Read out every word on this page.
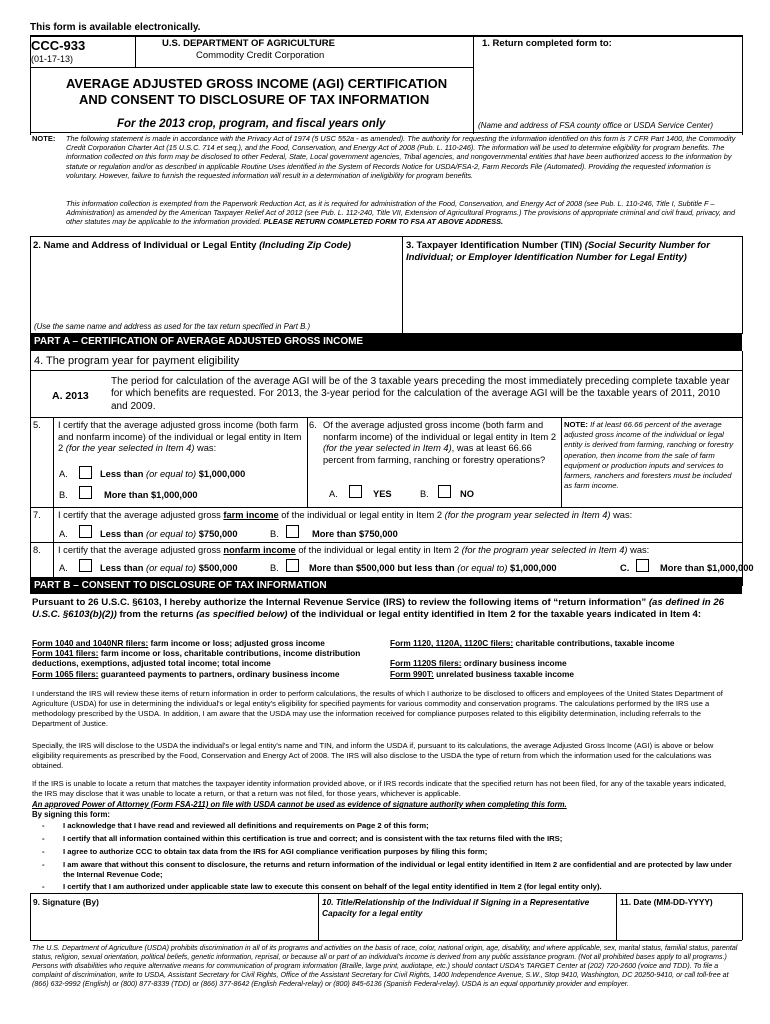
This form is available electronically.
CCC-933
(01-17-13)
U.S. DEPARTMENT OF AGRICULTURE
Commodity Credit Corporation
1. Return completed form to:
AVERAGE ADJUSTED GROSS INCOME (AGI) CERTIFICATION
AND CONSENT TO DISCLOSURE OF TAX INFORMATION
For the 2013 crop, program, and fiscal years only	(Name and address of FSA county office or USDA Service Center)
NOTE: The following statement is made in accordance with the Privacy Act of 1974 (5 USC 552a - as amended). The authority for requesting the information identified on this form is 7 CFR Part 1400, the Commodity Credit Corporation Charter Act (15 U.S.C. 714 et seq.), and the Food, Conservation, and Energy Act of 2008 (Pub. L. 110-246). The information will be used to determine eligibility for program benefits. The information collected on this form may be disclosed to other Federal, State, Local government agencies, Tribal agencies, and nongovernmental entities that have been authorized access to the information by statute or regulation and/or as described in applicable Routine Uses identified in the System of Records Notice for USDA/FSA-2, Farm Records File (Automated). Providing the requested information is voluntary. However, failure to furnish the requested information will result in a determination of ineligibility for program benefits.
This information collection is exempted from the Paperwork Reduction Act, as it is required for administration of the Food, Conservation, and Energy Act of 2008 (see Pub. L. 110-246, Title I, Subtitle F – Administration) as amended by the American Taxpayer Relief Act of 2012 (see Pub. L. 112-240, Title VII, Extension of Agricultural Programs.) The provisions of appropriate criminal and civil fraud, privacy, and other statutes may be applicable to the information provided. PLEASE RETURN COMPLETED FORM TO FSA AT ABOVE ADDRESS.
2. Name and Address of Individual or Legal Entity (Including Zip Code)
(Use the same name and address as used for the tax return specified in Part B.)
3. Taxpayer Identification Number (TIN) (Social Security Number for Individual; or Employer Identification Number for Legal Entity)
PART A – CERTIFICATION OF AVERAGE ADJUSTED GROSS INCOME
4. The program year for payment eligibility
A. 2013
The period for calculation of the average AGI will be of the 3 taxable years preceding the most immediately preceding complete taxable year for which benefits are requested. For 2013, the 3-year period for the calculation of the average AGI will be the taxable years of 2011, 2010 and 2009.
5. I certify that the average adjusted gross income (both farm and nonfarm income) of the individual or legal entity in Item 2 (for the year selected in Item 4) was:
A.	Less than (or equal to) $1,000,000
B.	More than $1,000,000
6. Of the average adjusted gross income (both farm and nonfarm income) of the individual or legal entity in Item 2 (for the year selected in Item 4), was at least 66.66 percent from farming, ranching or forestry operations?
A.	YES	B.	NO
NOTE: If at least 66.66 percent of the average adjusted gross income of the individual or legal entity is derived from farming, ranching or forestry operation, then income from the sale of farm equipment or production inputs and services to farmers, ranchers and foresters must be included as farm income.
7. I certify that the average adjusted gross farm income of the individual or legal entity in Item 2 (for the program year selected in Item 4) was:
A.	Less than (or equal to) $750,000	B.	More than $750,000
8. I certify that the average adjusted gross nonfarm income of the individual or legal entity in Item 2 (for the program year selected in Item 4) was:
A.	Less than (or equal to) $500,000	B.	More than $500,000 but less than (or equal to) $1,000,000	C.	More than $1,000,000
PART B – CONSENT TO DISCLOSURE OF TAX INFORMATION
Pursuant to 26 U.S.C. §6103, I hereby authorize the Internal Revenue Service (IRS) to review the following items of “return information” (as defined in 26 U.S.C. §6103(b)(2)) from the returns (as specified below) of the individual or legal entity identified in Item 2 for the taxable years indicated in Item 4:
Form 1040 and 1040NR filers: farm income or loss; adjusted gross income
Form 1041 filers: farm income or loss, charitable contributions, income distribution deductions, exemptions, adjusted total income; total income
Form 1065 filers: guaranteed payments to partners, ordinary business income
Form 1120, 1120A, 1120C filers: charitable contributions, taxable income
Form 1120S filers: ordinary business income
Form 990T: unrelated business taxable income
I understand the IRS will review these items of return information in order to perform calculations, the results of which I authorize to be disclosed to officers and employees of the United States Department of Agriculture (USDA) for use in determining the individual's or legal entity's eligibility for specified payments for various commodity and conservation programs. The calculations performed by the IRS use a methodology prescribed by the USDA. In addition, I am aware that the USDA may use the information received for compliance purposes related to this eligibility determination, including referrals to the Department of Justice.
Specially, the IRS will disclose to the USDA the individual's or legal entity's name and TIN, and inform the USDA if, pursuant to its calculations, the average Adjusted Gross Income (AGI) is above or below eligibility requirements as prescribed by the Food, Conservation and Energy Act of 2008. The IRS will also disclose to the USDA the type of return from which the information used for the calculations was obtained.
If the IRS is unable to locate a return that matches the taxpayer identity information provided above, or if IRS records indicate that the specified return has not been filed, for any of the taxable years indicated, the IRS may disclose that it was unable to locate a return, or that a return was not filed, for those years, whichever is applicable.
An approved Power of Attorney (Form FSA-211) on file with USDA cannot be used as evidence of signature authority when completing this form.
By signing this form:
- I acknowledge that I have read and reviewed all definitions and requirements on Page 2 of this form;
- I certify that all information contained within this certification is true and correct; and is consistent with the tax returns filed with the IRS;
- I agree to authorize CCC to obtain tax data from the IRS for AGI compliance verification purposes by filing this form;
- I am aware that without this consent to disclosure, the returns and return information of the individual or legal entity identified in Item 2 are confidential and are protected by law under the Internal Revenue Code;
- I certify that I am authorized under applicable state law to execute this consent on behalf of the legal entity identified in Item 2 (for legal entity only).
9. Signature (By)	10. Title/Relationship of the Individual if Signing in a Representative Capacity for a legal entity
11. Date (MM-DD-YYYY)
The U.S. Department of Agriculture (USDA) prohibits discrimination in all of its programs and activities on the basis of race, color, national origin, age, disability, and where applicable, sex, marital status, familial status, parental status, religion, sexual orientation, political beliefs, genetic information, reprisal, or because all or part of an individual's income is derived from any public assistance program. (Not all prohibited bases apply to all programs.) Persons with disabilities who require alternative means for communication of program information (Braille, large print, audiotape, etc.) should contact USDA's TARGET Center at (202) 720-2600 (voice and TDD). To file a complaint of discrimination, write to USDA, Assistant Secretary for Civil Rights, Office of the Assistant Secretary for Civil Rights, 1400 Independence Avenue, S.W., Stop 9410, Washington, DC 20250-9410, or call toll-free at (866) 632-9992 (English) or (800) 877-8339 (TDD) or (866) 377-8642 (English Federal-relay) or (800) 845-6136 (Spanish Federal-relay). USDA is an equal opportunity provider and employer.
